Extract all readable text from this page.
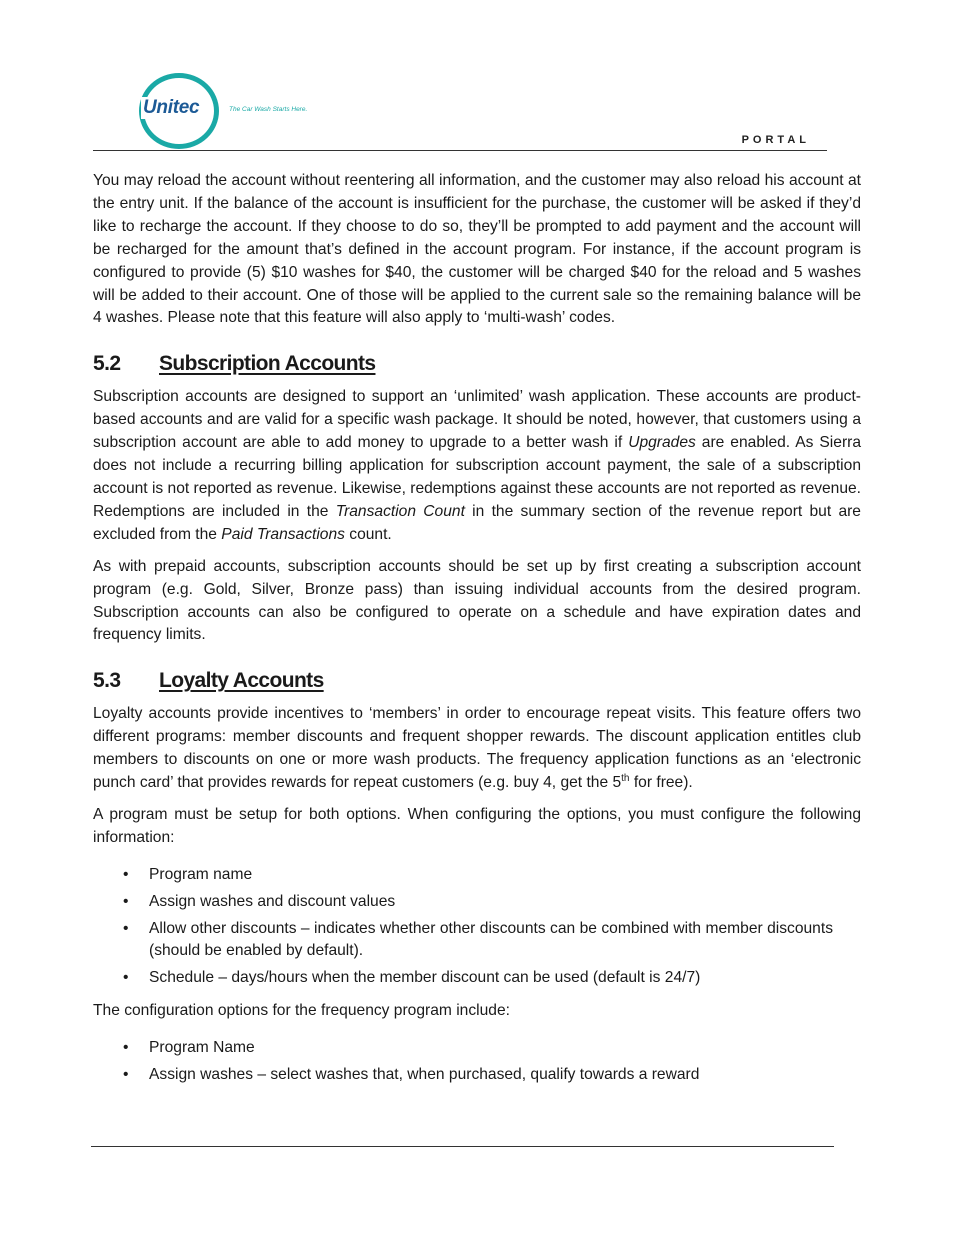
Unitec	The Car Wash Starts Here.
PORTAL

You may reload the account without reentering all information, and the customer may also reload his account at the entry unit. If the balance of the account is insufficient for the purchase, the customer will be asked if they’d like to recharge the account. If they choose to do so, they’ll be prompted to add payment and the account will be recharged for the amount that’s defined in the account program. For instance, if the account program is configured to provide (5) $10 washes for $40, the customer will be charged $40 for the reload and 5 washes will be added to their account. One of those will be applied to the current sale so the remaining balance will be 4 washes. Please note that this feature will also apply to ‘multi-wash’ codes.

5.2	Subscription Accounts

Subscription accounts are designed to support an ‘unlimited’ wash application. These accounts are product-based accounts and are valid for a specific wash package. It should be noted, however, that customers using a subscription account are able to add money to upgrade to a better wash if Upgrades are enabled. As Sierra does not include a recurring billing application for subscription account payment, the sale of a subscription account is not reported as revenue. Likewise, redemptions against these accounts are not reported as revenue. Redemptions are included in the Transaction Count in the summary section of the revenue report but are excluded from the Paid Transactions count.

As with prepaid accounts, subscription accounts should be set up by first creating a subscription account program (e.g. Gold, Silver, Bronze pass) than issuing individual accounts from the desired program. Subscription accounts can also be configured to operate on a schedule and have expiration dates and frequency limits.

5.3	Loyalty Accounts

Loyalty accounts provide incentives to ‘members’ in order to encourage repeat visits. This feature offers two different programs: member discounts and frequent shopper rewards. The discount application entitles club members to discounts on one or more wash products. The frequency application functions as an ‘electronic punch card’ that provides rewards for repeat customers (e.g. buy 4, get the 5th for free).

A program must be setup for both options. When configuring the options, you must configure the following information:

• Program name
• Assign washes and discount values
• Allow other discounts – indicates whether other discounts can be combined with member discounts (should be enabled by default).
• Schedule – days/hours when the member discount can be used (default is 24/7)

The configuration options for the frequency program include:

• Program Name
• Assign washes – select washes that, when purchased, qualify towards a reward
